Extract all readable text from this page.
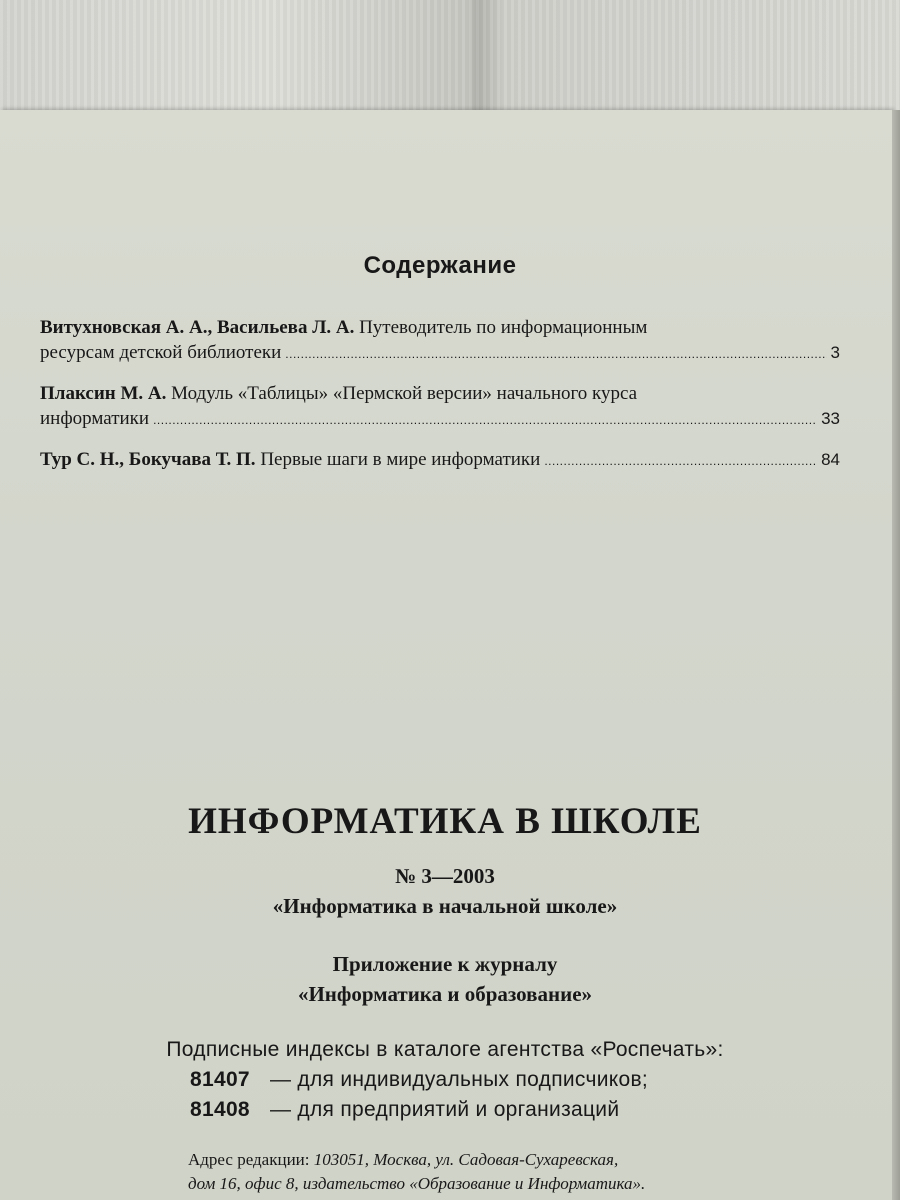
Содержание
Витухновская А. А., Васильева Л. А. Путеводитель по информационным
ресурсам детской библиотеки .....	3
Плаксин М. А. Модуль «Таблицы» «Пермской версии» начального курса
информатики .....	33
Тур С. Н., Бокучава Т. П. Первые шаги в мире информатики .....	84
ИНФОРМАТИКА В ШКОЛЕ
№ 3—2003
«Информатика в начальной школе»
Приложение к журналу
«Информатика и образование»
Подписные индексы в каталоге агентства «Роспечать»:
81407 — для индивидуальных подписчиков;
81408 — для предприятий и организаций
Адрес редакции: 103051, Москва, ул. Садовая-Сухаревская,
дом 16, офис 8, издательство «Образование и Информатика».
